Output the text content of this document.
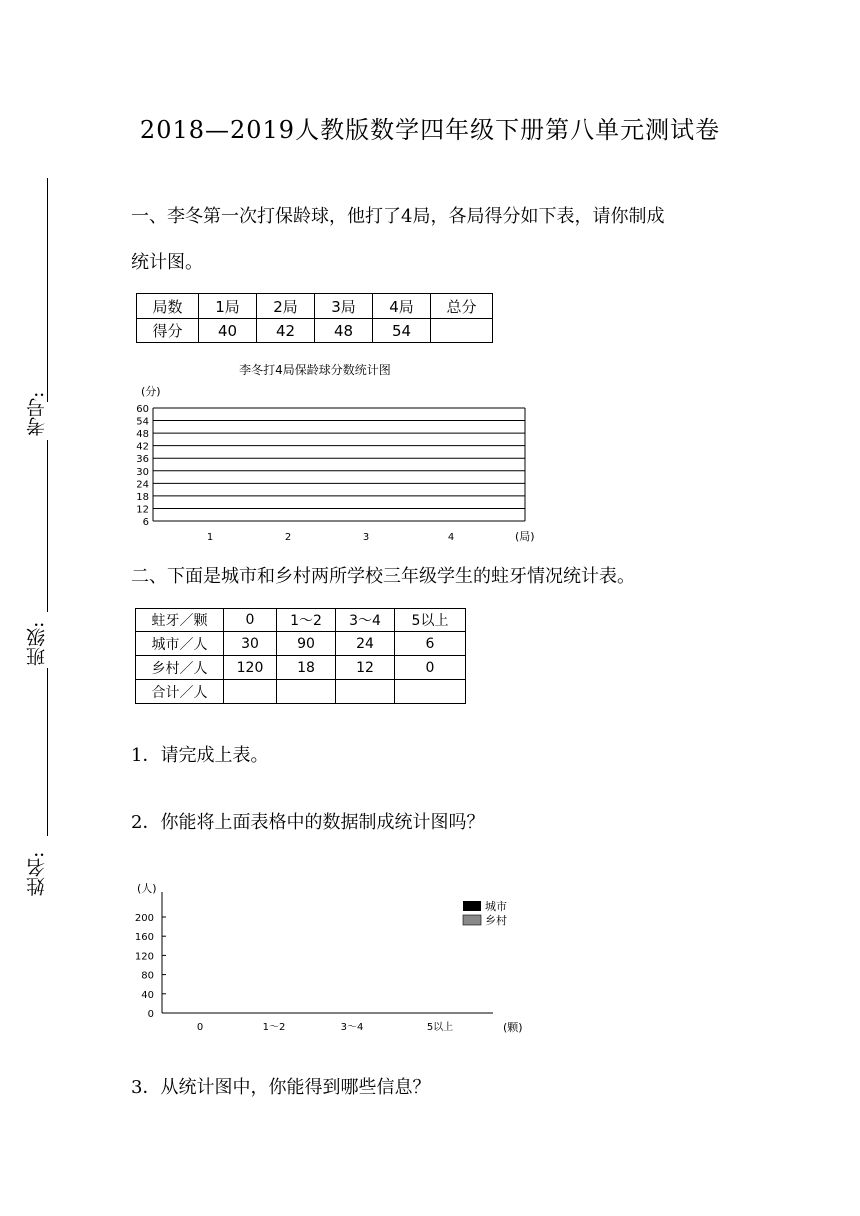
2018—2019人教版数学四年级下册第八单元测试卷
考号:
班级:
姓名:
一、李冬第一次打保龄球，他打了4局，各局得分如下表，请你制成
统计图。
局数	1局	2局	3局	4局	总分
得分	40	42	48	54	
李冬打4局保龄球分数统计图
(分)
(局)
60
54
48
42
36
30
24
18
12
6
1	2	3	4
二、下面是城市和乡村两所学校三年级学生的蛀牙情况统计表。
蛀牙／颗	0	1～2	3～4	5以上
城市／人	30	90	24	6
乡村／人	120	18	12	0
合计／人				
1．请完成上表。
2．你能将上面表格中的数据制成统计图吗？
(人)
(颗)
200
160
120
80
40
0
0	1～2	3～4	5以上
城市
乡村
3．从统计图中，你能得到哪些信息？
